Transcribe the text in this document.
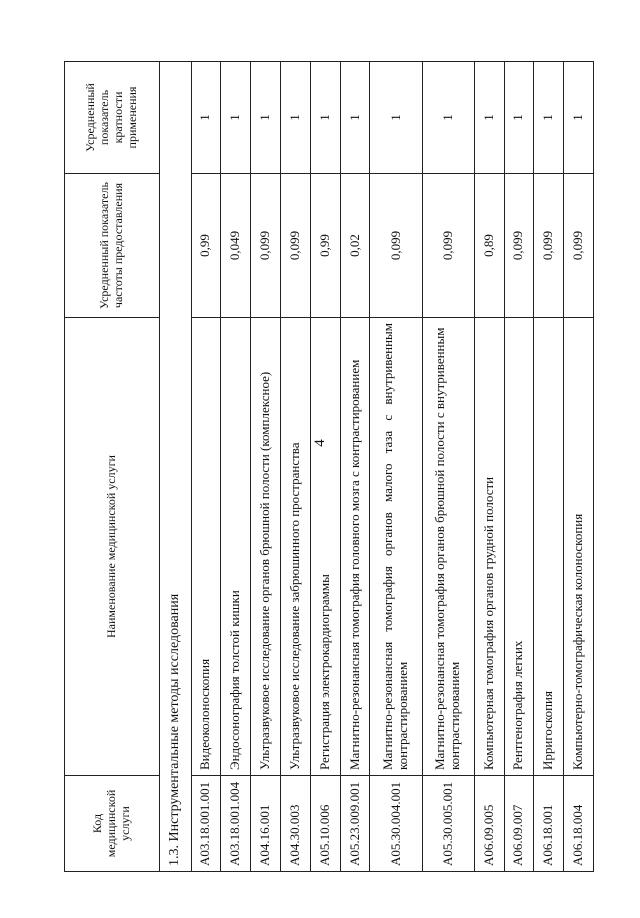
4
1.3. Инструментальные методы исследования			
Код медицинской услуги	Наименование медицинской услуги	Усредненный показатель частоты предоставления	Усредненный показатель кратности применения
A03.18.001.001	Видеоколоноскопия	0,99	1
A03.18.001.004	Эндосонография толстой кишки	0,049	1
A04.16.001	Ультразвуковое исследование органов брюшной полости (комплексное)	0,099	1
A04.30.003	Ультразвуковое исследование забрюшинного пространства	0,099	1
A05.10.006	Регистрация электрокардиограммы	0,99	1
A05.23.009.001	Магнитно-резонансная томография головного мозга с контрастированием	0,02	1
A05.30.004.001	Магнитно-резонансная томография органов малого таза с внутривенным контрастированием	0,099	1
A05.30.005.001	Магнитно-резонансная томография органов брюшной полости с внутривенным контрастированием	0,099	1
A06.09.005	Компьютерная томография органов грудной полости	0,89	1
A06.09.007	Рентгенография легких	0,099	1
A06.18.001	Ирригоскопия	0,099	1
A06.18.004	Компьютерно-томографическая колоноскопия	0,099	1
